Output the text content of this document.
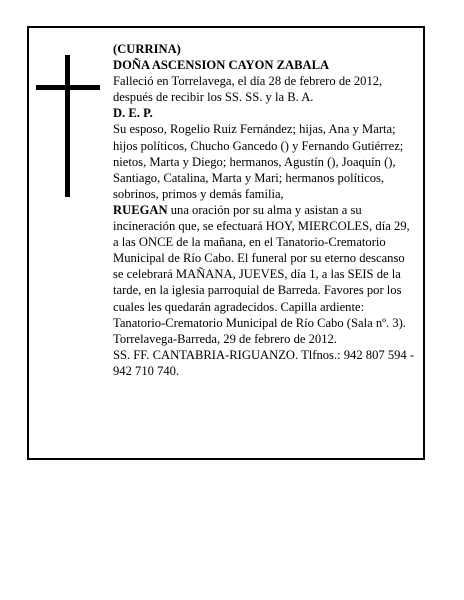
(CURRINA)

DOÑA ASCENSION CAYON ZABALA

Falleció en Torrelavega, el día 28 de febrero de 2012, después de recibir los SS. SS. y la B. A.

D. E. P.

Su esposo, Rogelio Ruiz Fernández; hijas, Ana y Marta; hijos políticos, Chucho Gancedo () y Fernando Gutiérrez; nietos, Marta y Diego; hermanos, Agustín (), Joaquín (), Santiago, Catalina, Marta y Mari; hermanos políticos, sobrinos, primos y demás familia,

RUEGAN una oración por su alma y asistan a su incineración que, se efectuará HOY, MIERCOLES, día 29, a las ONCE de la mañana, en el Tanatorio-Crematorio Municipal de Río Cabo. El funeral por su eterno descanso se celebrará MAÑANA, JUEVES, día 1, a las SEIS de la tarde, en la iglesia parroquial de Barreda. Favores por los cuales les quedarán agradecidos. Capilla ardiente: Tanatorio-Crematorio Municipal de Río Cabo (Sala nº. 3).

Torrelavega-Barreda, 29 de febrero de 2012.

SS. FF. CANTABRIA-RIGUANZO. Tlfnos.: 942 807 594 - 942 710 740.
